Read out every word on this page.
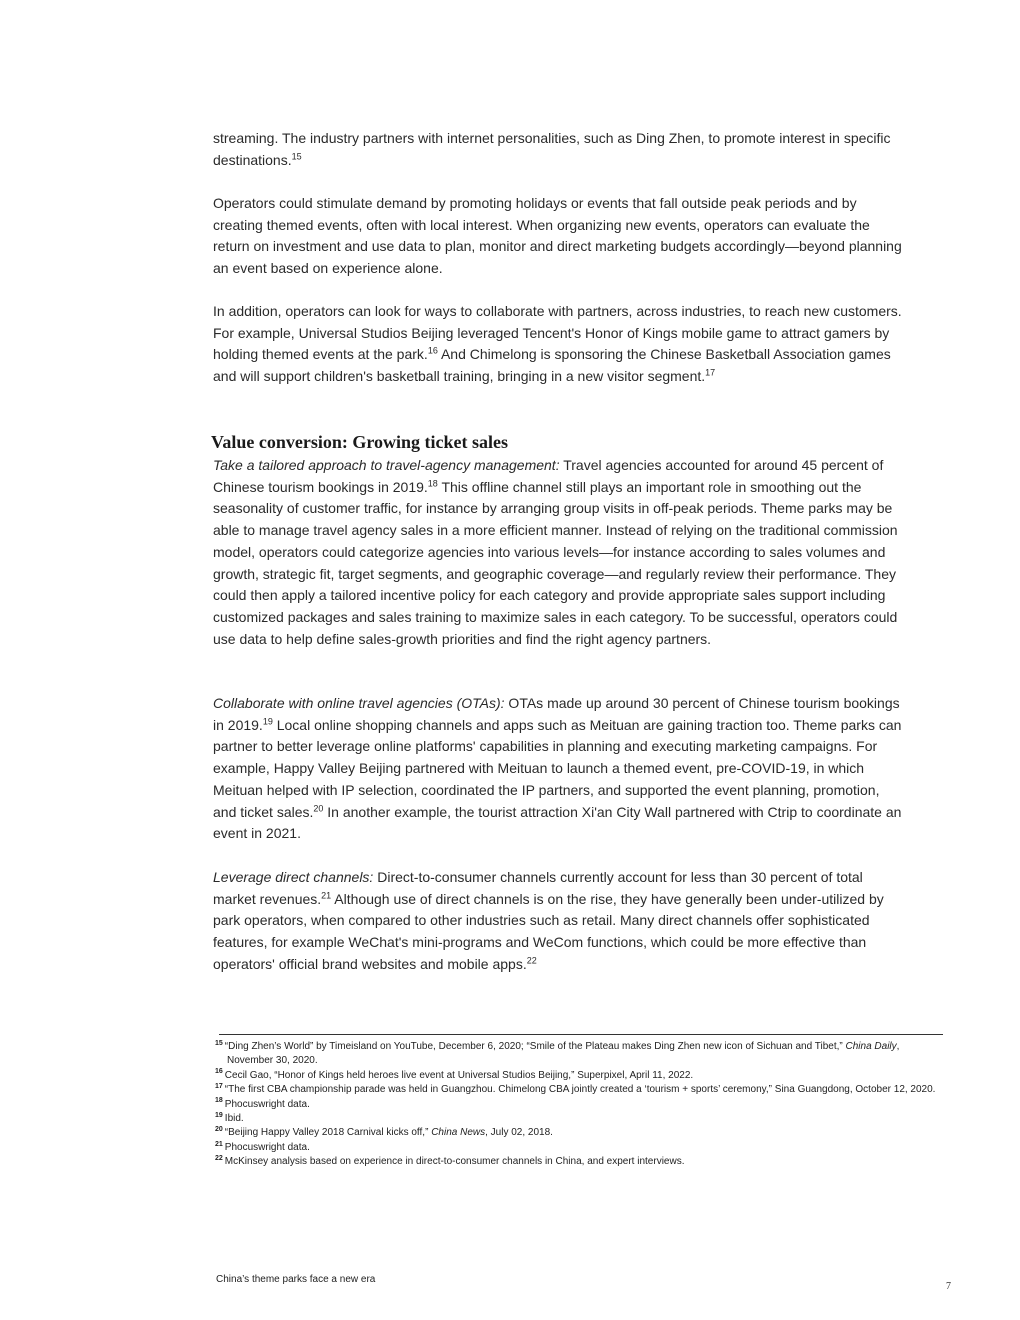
streaming. The industry partners with internet personalities, such as Ding Zhen, to promote interest in specific destinations.$^{15}$

Operators could stimulate demand by promoting holidays or events that fall outside peak periods and by creating themed events, often with local interest. When organizing new events, operators can evaluate the return on investment and use data to plan, monitor and direct marketing budgets accordingly—beyond planning an event based on experience alone.

In addition, operators can look for ways to collaborate with partners, across industries, to reach new customers. For example, Universal Studios Beijing leveraged Tencent's Honor of Kings mobile game to attract gamers by holding themed events at the park.$^{16}$ And Chimelong is sponsoring the Chinese Basketball Association games and will support children's basketball training, bringing in a new visitor segment.$^{17}$

Value conversion: Growing ticket sales

Take a tailored approach to travel-agency management: Travel agencies accounted for around 45 percent of Chinese tourism bookings in 2019.18 This offline channel still plays an important role in smoothing out the seasonality of customer traffic, for instance by arranging group visits in off-peak periods. Theme parks may be able to manage travel agency sales in a more efficient manner. Instead of relying on the traditional commission model, operators could categorize agencies into various levels—for instance according to sales volumes and growth, strategic fit, target segments, and geographic coverage—and regularly review their performance. They could then apply a tailored incentive policy for each category and provide appropriate sales support including customized packages and sales training to maximize sales in each category. To be successful, operators could use data to help define sales-growth priorities and find the right agency partners.

Collaborate with online travel agencies (OTAs): OTAs made up around 30 percent of Chinese tourism bookings in 2019.19 Local online shopping channels and apps such as Meituan are gaining traction too. Theme parks can partner to better leverage online platforms' capabilities in planning and executing marketing campaigns. For example, Happy Valley Beijing partnered with Meituan to launch a themed event, pre-COVID-19, in which Meituan helped with IP selection, coordinated the IP partners, and supported the event planning, promotion, and ticket sales.$^{20}$ In another example, the tourist attraction Xi'an City Wall partnered with Ctrip to coordinate an event in 2021.

Leverage direct channels: Direct-to-consumer channels currently account for less than 30 percent of total market revenues.$^{21}$ Although use of direct channels is on the rise, they have generally been under-utilized by park operators, when compared to other industries such as retail. Many direct channels offer sophisticated features, for example WeChat's mini-programs and WeCom functions, which could be more effective than operators' official brand websites and mobile apps.$^{22}$

$^{15}$ “Ding Zhen’s World” by Timeisland on YouTube, December 6, 2020; “Smile of the Plateau makes Ding Zhen new icon of Sichuan and Tibet,” China Daily, November 30, 2020.
$^{16}$ Cecil Gao, “Honor of Kings held heroes live event at Universal Studios Beijing,” Superpixel, April 11, 2022.
$^{17}$ “The first CBA championship parade was held in Guangzhou. Chimelong CBA jointly created a ‘tourism + sports’ ceremony,” Sina Guangdong, October 12, 2020.
$^{18}$ Phocuswright data.
$^{19}$ Ibid.
$^{20}$ “Beijing Happy Valley 2018 Carnival kicks off,” China News, July 02, 2018.
$^{21}$ Phocuswright data.
$^{22}$ McKinsey analysis based on experience in direct-to-consumer channels in China, and expert interviews.
China’s theme parks face a new era
7
